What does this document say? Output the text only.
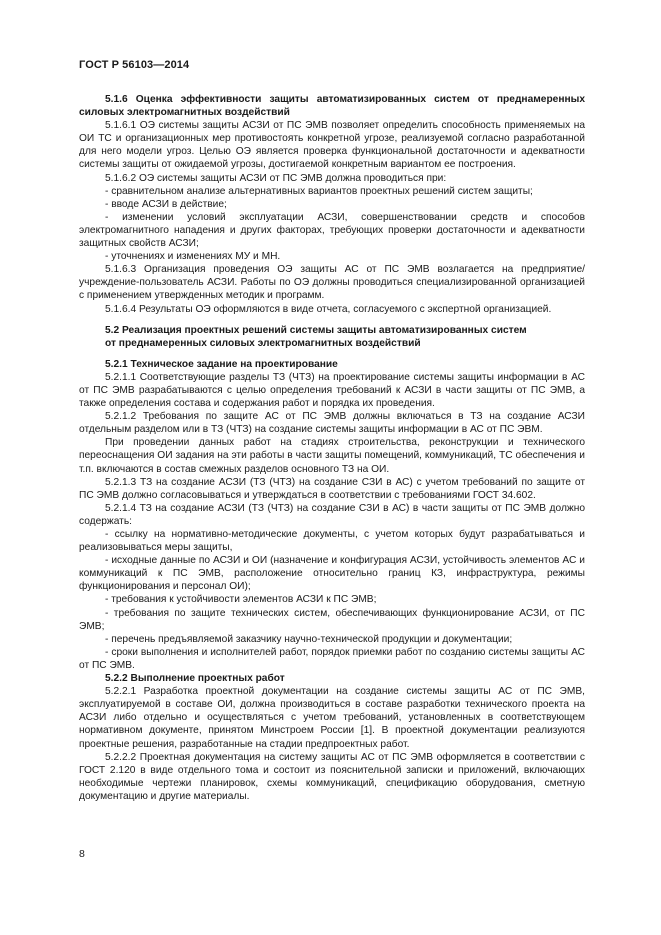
ГОСТ Р 56103—2014

5.1.6 Оценка эффективности защиты автоматизированных систем от преднамеренных силовых электромагнитных воздействий

5.1.6.1 ОЭ системы защиты АСЗИ от ПС ЭМВ позволяет определить способность применяемых на ОИ ТС и организационных мер противостоять конкретной угрозе, реализуемой согласно разработанной для него модели угроз. Целью ОЭ является проверка функциональной достаточности и адекватности системы защиты от ожидаемой угрозы, достигаемой конкретным вариантом ее построения.

5.1.6.2 ОЭ системы защиты АСЗИ от ПС ЭМВ должна проводиться при:

- сравнительном анализе альтернативных вариантов проектных решений систем защиты;

- вводе АСЗИ в действие;

- изменении условий эксплуатации АСЗИ, совершенствовании средств и способов электромагнитного нападения и других факторах, требующих проверки достаточности и адекватности защитных свойств АСЗИ;

- уточнениях и изменениях МУ и МН.

5.1.6.3 Организация проведения ОЭ защиты АС от ПС ЭМВ возлагается на предприятие/учреждение-пользователь АСЗИ. Работы по ОЭ должны проводиться специализированной организацией с применением утвержденных методик и программ.

5.1.6.4 Результаты ОЭ оформляются в виде отчета, согласуемого с экспертной организацией.

5.2 Реализация проектных решений системы защиты автоматизированных систем

от преднамеренных силовых электромагнитных воздействий

5.2.1 Техническое задание на проектирование

5.2.1.1 Соответствующие разделы ТЗ (ЧТЗ) на проектирование системы защиты информации в АС от ПС ЭМВ разрабатываются с целью определения требований к АСЗИ в части защиты от ПС ЭМВ, а также определения состава и содержания работ и порядка их проведения.

5.2.1.2 Требования по защите АС от ПС ЭМВ должны включаться в ТЗ на создание АСЗИ отдельным разделом или в ТЗ (ЧТЗ) на создание системы защиты информации в АС от ПС ЭВМ.

При проведении данных работ на стадиях строительства, реконструкции и технического переоснащения ОИ задания на эти работы в части защиты помещений, коммуникаций, ТС обеспечения и т.п. включаются в состав смежных разделов основного ТЗ на ОИ.

5.2.1.3 ТЗ на создание АСЗИ (ТЗ (ЧТЗ) на создание СЗИ в АС) с учетом требований по защите от ПС ЭМВ должно согласовываться и утверждаться в соответствии с требованиями ГОСТ 34.602.

5.2.1.4 ТЗ на создание АСЗИ (ТЗ (ЧТЗ) на создание СЗИ в АС) в части защиты от ПС ЭМВ должно содержать:

- ссылку на нормативно-методические документы, с учетом которых будут разрабатываться и реализовываться меры защиты,

- исходные данные по АСЗИ и ОИ (назначение и конфигурация АСЗИ, устойчивость элементов АС и коммуникаций к ПС ЭМВ, расположение относительно границ КЗ, инфраструктура, режимы функционирования и персонал ОИ);

- требования к устойчивости элементов АСЗИ к ПС ЭМВ;

- требования по защите технических систем, обеспечивающих функционирование АСЗИ, от ПС ЭМВ;

- перечень предъявляемой заказчику научно-технической продукции и документации;

- сроки выполнения и исполнителей работ, порядок приемки работ по созданию системы защиты АС от ПС ЭМВ.

5.2.2 Выполнение проектных работ

5.2.2.1 Разработка проектной документации на создание системы защиты АС от ПС ЭМВ, эксплуатируемой в составе ОИ, должна производиться в составе разработки технического проекта на АСЗИ либо отдельно и осуществляться с учетом требований, установленных в соответствующем нормативном документе, принятом Минстроем России [1]. В проектной документации реализуются проектные решения, разработанные на стадии предпроектных работ.

5.2.2.2 Проектная документация на систему защиты АС от ПС ЭМВ оформляется в соответствии с ГОСТ 2.120 в виде отдельного тома и состоит из пояснительной записки и приложений, включающих необходимые чертежи планировок, схемы коммуникаций, спецификацию оборудования, сметную документацию и другие материалы.

8
